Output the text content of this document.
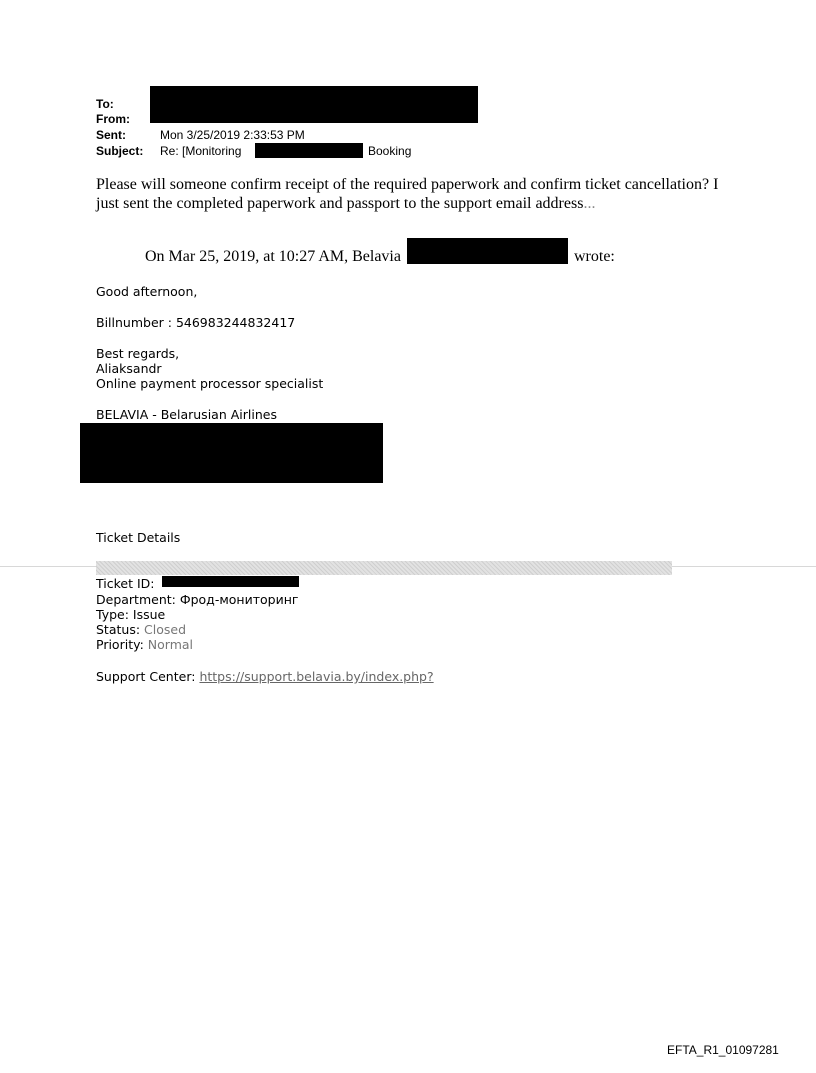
To:
From:
Sent:
Subject:
Mon 3/25/2019 2:33:53 PM
Re: [Monitoring	Booking
Please will someone confirm receipt of the required paperwork and confirm ticket cancellation? I just sent the completed paperwork and passport to the support email address...
On Mar 25, 2019, at 10:27 AM, Belavia	wrote:
Good afternoon,
Billnumber : 546983244832417
Best regards,
Aliaksandr
Online payment processor specialist
BELAVIA - Belarusian Airlines
Ticket Details
Ticket ID:
Department: Фрод-мониторинг
Type: Issue
Status: Closed
Priority: Normal
Support Center: https://support.belavia.by/index.php?
EFTA_R1_01097281
